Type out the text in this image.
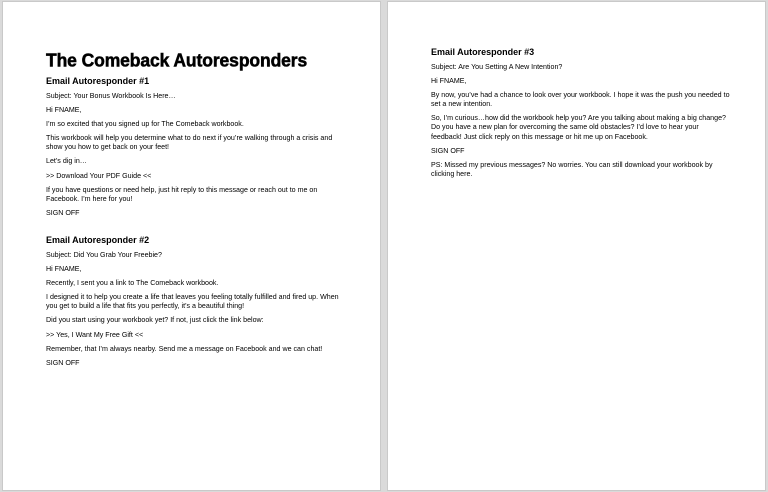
The Comeback Autoresponders
Email Autoresponder #1

Subject: Your Bonus Workbook Is Here…

Hi FNAME,

I’m so excited that you signed up for The Comeback workbook.

This workbook will help you determine what to do next if you’re walking through a crisis and show you how to get back on your feet!

Let’s dig in…

>> Download Your PDF Guide <<

If you have questions or need help, just hit reply to this message or reach out to me on Facebook. I’m here for you!

SIGN OFF

Email Autoresponder #2

Subject: Did You Grab Your Freebie?

Hi FNAME,

Recently, I sent you a link to The Comeback workbook.

I designed it to help you create a life that leaves you feeling totally fulfilled and fired up. When you get to build a life that fits you perfectly, it’s a beautiful thing!

Did you start using your workbook yet? If not, just click the link below:

>> Yes, I Want My Free Gift <<

Remember, that I’m always nearby. Send me a message on Facebook and we can chat!

SIGN OFF

Email Autoresponder #3

Subject: Are You Setting A New Intention?

Hi FNAME,

By now, you’ve had a chance to look over your workbook. I hope it was the push you needed to set a new intention.

So, I’m curious…how did the workbook help you? Are you talking about making a big change? Do you have a new plan for overcoming the same old obstacles? I’d love to hear your feedback! Just click reply on this message or hit me up on Facebook.

SIGN OFF

PS: Missed my previous messages? No worries. You can still download your workbook by clicking here.
